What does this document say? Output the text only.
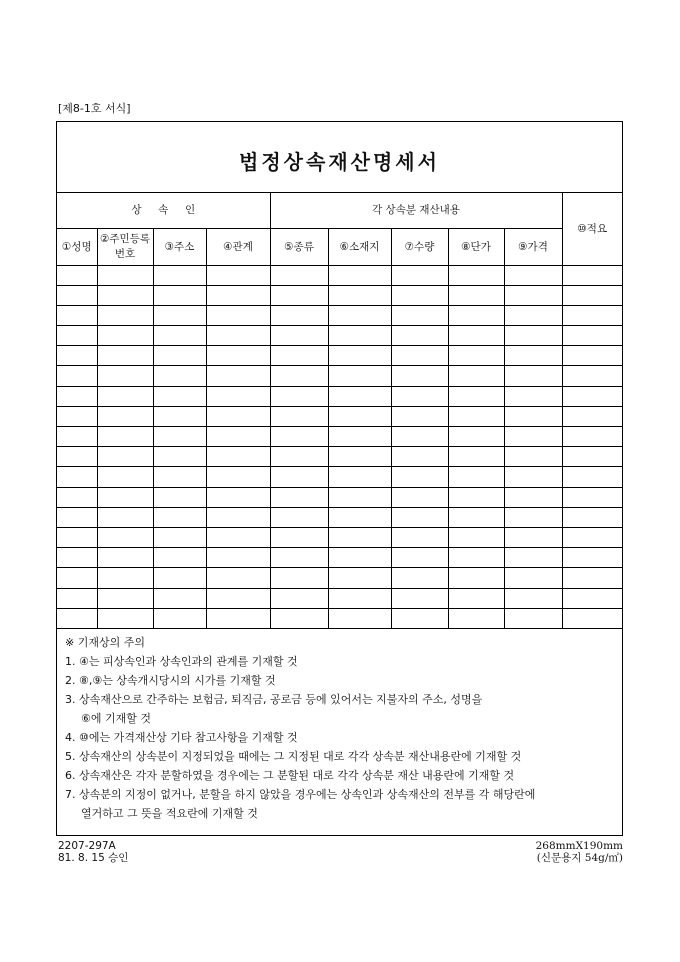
[제8-1호 서식]
법정상속재산명세서
상     속     인				각 상속분 재산내용					⑩적요
①성명	②주민등록번호	③주소	④관계	⑤종류	⑥소재지	⑦수량	⑧단가	⑨가격	

※ 기재상의 주의
1. ④는 피상속인과 상속인과의 관계를 기재할 것
2. ⑧,⑨는 상속개시당시의 시가를 기재할 것
3. 상속재산으로 간주하는 보험금, 퇴직금, 공로금 등에 있어서는 지불자의 주소, 성명을
⑥에 기재할 것
4. ⑩에는 가격재산상 기타 참고사항을 기재할 것
5. 상속재산의 상속분이 지정되었을 때에는 그 지정된 대로 각각 상속분 재산내용란에 기재할 것
6. 상속재산은 각자 분할하였을 경우에는 그 분할된 대로 각각 상속분 재산 내용란에 기재할 것
7. 상속분의 지정이 없거나, 분할을 하지 않았을 경우에는 상속인과 상속재산의 전부를 각 해당란에
열거하고 그 뜻을 적요란에 기재할 것
2207-297A
81. 8. 15 승인
268mmX190mm
(신문용지 54g/㎡)
